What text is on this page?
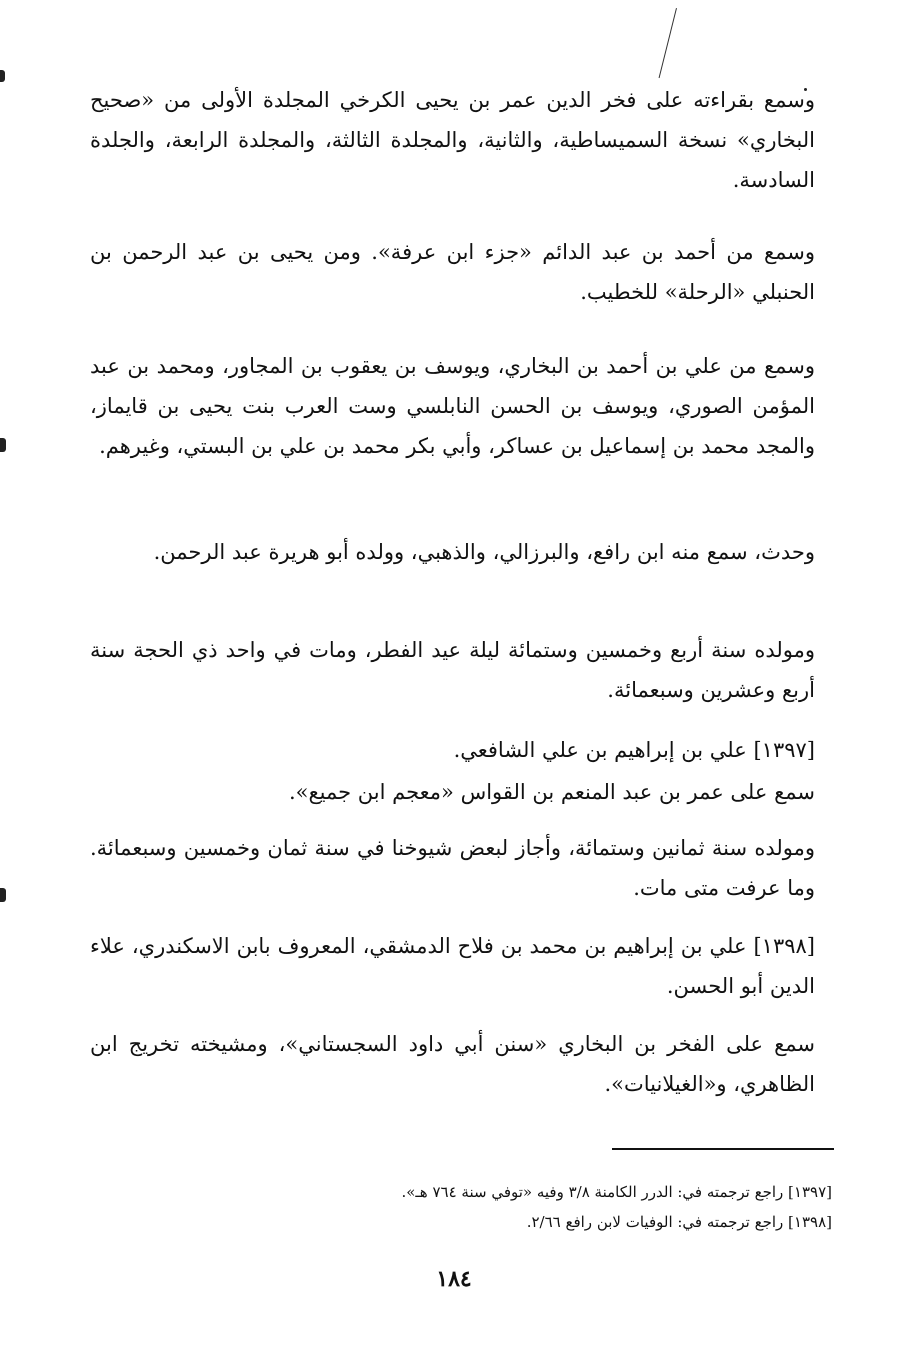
وسمع بقراءته على فخر الدين عمر بن يحيى الكرخي المجلدة الأولى من «صحيح البخاري» نسخة السميساطية، والثانية، والمجلدة الثالثة، والمجلدة الرابعة، والجلدة السادسة.

وسمع من أحمد بن عبد الدائم «جزء ابن عرفة». ومن يحيى بن عبد الرحمن بن الحنبلي «الرحلة» للخطيب.

وسمع من علي بن أحمد بن البخاري، ويوسف بن يعقوب بن المجاور، ومحمد بن عبد المؤمن الصوري، ويوسف بن الحسن النابلسي وست العرب بنت يحيى بن قايماز، والمجد محمد بن إسماعيل بن عساكر، وأبي بكر محمد بن علي بن البستي، وغيرهم.

وحدث، سمع منه ابن رافع، والبرزالي، والذهبي، وولده أبو هريرة عبد الرحمن.

ومولده سنة أربع وخمسين وستمائة ليلة عيد الفطر، ومات في واحد ذي الحجة سنة أربع وعشرين وسبعمائة.

[١٣٩٧] علي بن إبراهيم بن علي الشافعي.

سمع على عمر بن عبد المنعم بن القواس «معجم ابن جميع».

ومولده سنة ثمانين وستمائة، وأجاز لبعض شيوخنا في سنة ثمان وخمسين وسبعمائة. وما عرفت متى مات.

[١٣٩٨] علي بن إبراهيم بن محمد بن فلاح الدمشقي، المعروف بابن الاسكندري، علاء الدين أبو الحسن.

سمع على الفخر بن البخاري «سنن أبي داود السجستاني»، ومشيخته تخريج ابن الظاهري، و«الغيلانيات».

[١٣٩٧] راجع ترجمته في: الدرر الكامنة ٣/٨ وفيه «توفي سنة ٧٦٤ هـ».
[١٣٩٨] راجع ترجمته في: الوفيات لابن رافع ٢/٦٦.
١٨٤
